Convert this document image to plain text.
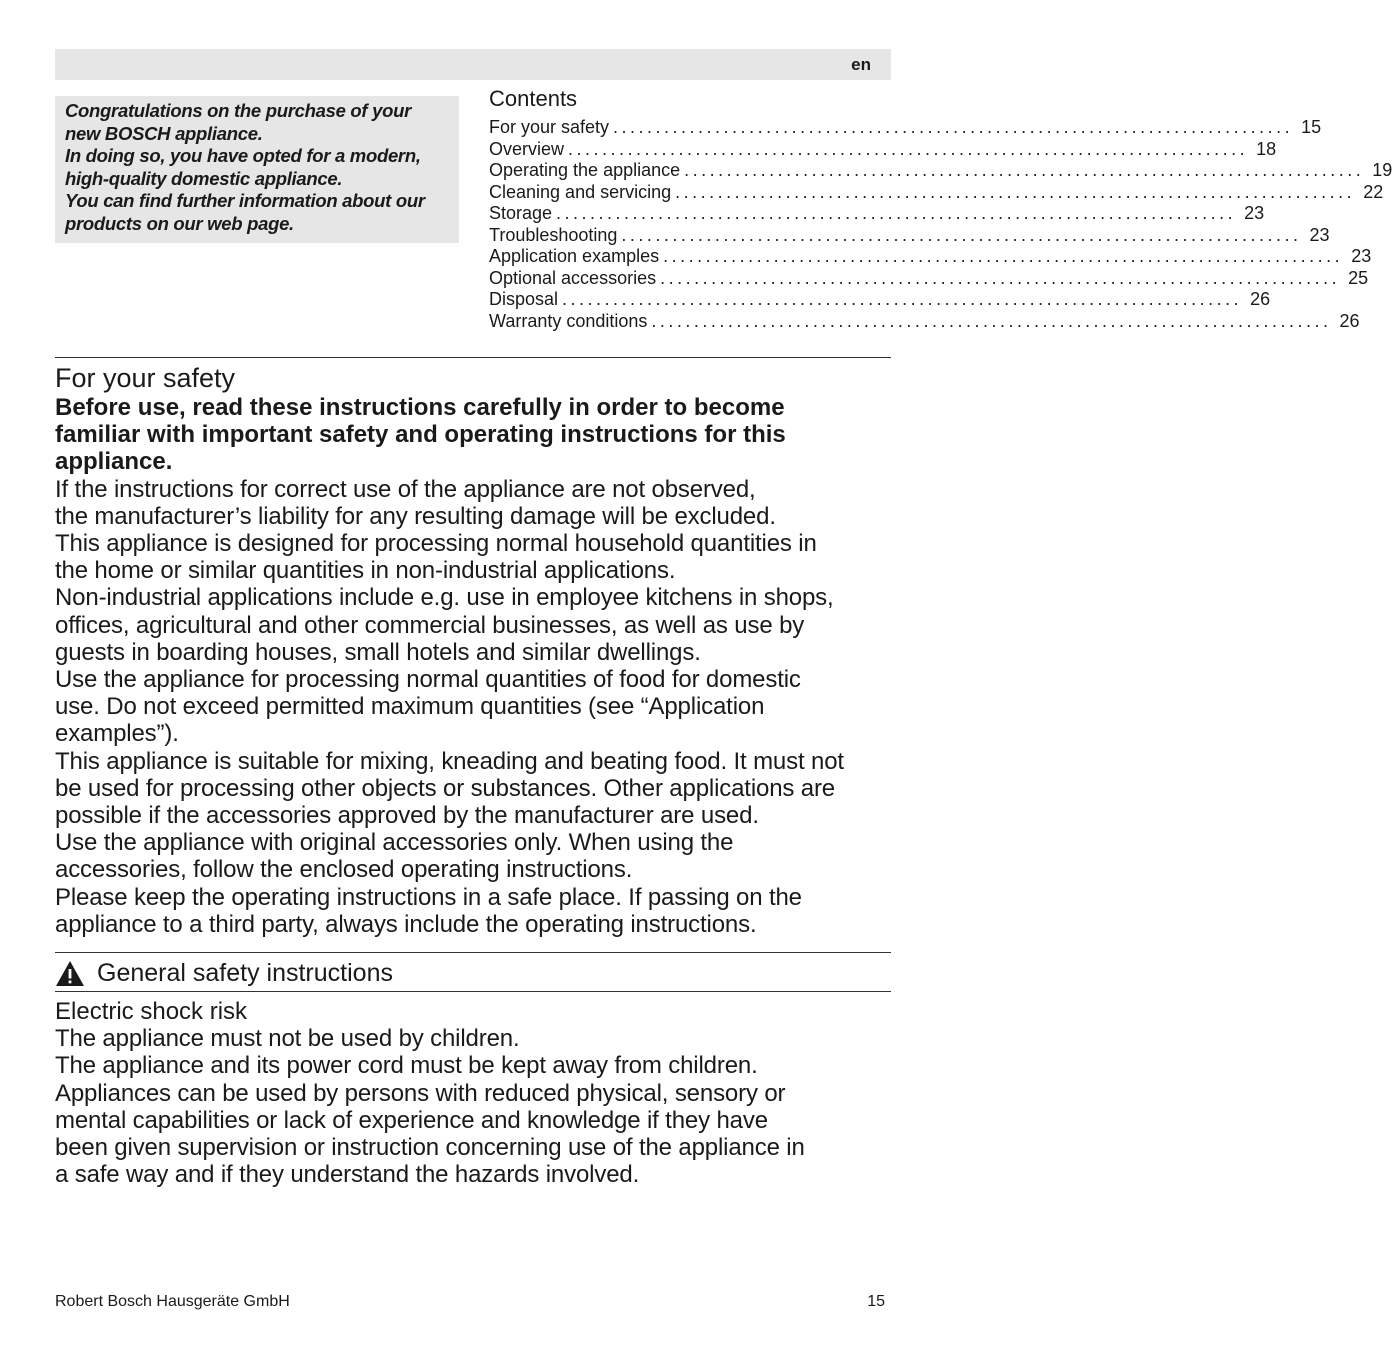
en

Congratulations on the purchase of your

new BOSCH appliance.

In doing so, you have opted for a modern,

high-quality domestic appliance.

You can find further information about our

products on our web page.

Contents
For your safety ................................................................................ 15
Overview ................................................................................ 18
Operating the appliance ................................................................................ 19
Cleaning and servicing ................................................................................ 22
Storage ................................................................................ 23
Troubleshooting ................................................................................ 23
Application examples ................................................................................ 23
Optional accessories ................................................................................ 25
Disposal ................................................................................ 26
Warranty conditions ................................................................................ 26
For your safety

Before use, read these instructions carefully in order to become

familiar with important safety and operating instructions for this

appliance.

If the instructions for correct use of the appliance are not observed,

the manufacturer’s liability for any resulting damage will be excluded.

This appliance is designed for processing normal household quantities in

the home or similar quantities in non-industrial applications.

Non-industrial applications include e.g. use in employee kitchens in shops,

offices, agricultural and other commercial businesses, as well as use by

guests in boarding houses, small hotels and similar dwellings.

Use the appliance for processing normal quantities of food for domestic

use. Do not exceed permitted maximum quantities (see “Application

examples”).

This appliance is suitable for mixing, kneading and beating food. It must not

be used for processing other objects or substances. Other applications are

possible if the accessories approved by the manufacturer are used.

Use the appliance with original accessories only. When using the

accessories, follow the enclosed operating instructions.

Please keep the operating instructions in a safe place. If passing on the

appliance to a third party, always include the operating instructions.

General safety instructions
Electric shock risk

The appliance must not be used by children.

The appliance and its power cord must be kept away from children.

Appliances can be used by persons with reduced physical, sensory or

mental capabilities or lack of experience and knowledge if they have

been given supervision or instruction concerning use of the appliance in

a safe way and if they understand the hazards involved.

Robert Bosch Hausgeräte GmbH	15
